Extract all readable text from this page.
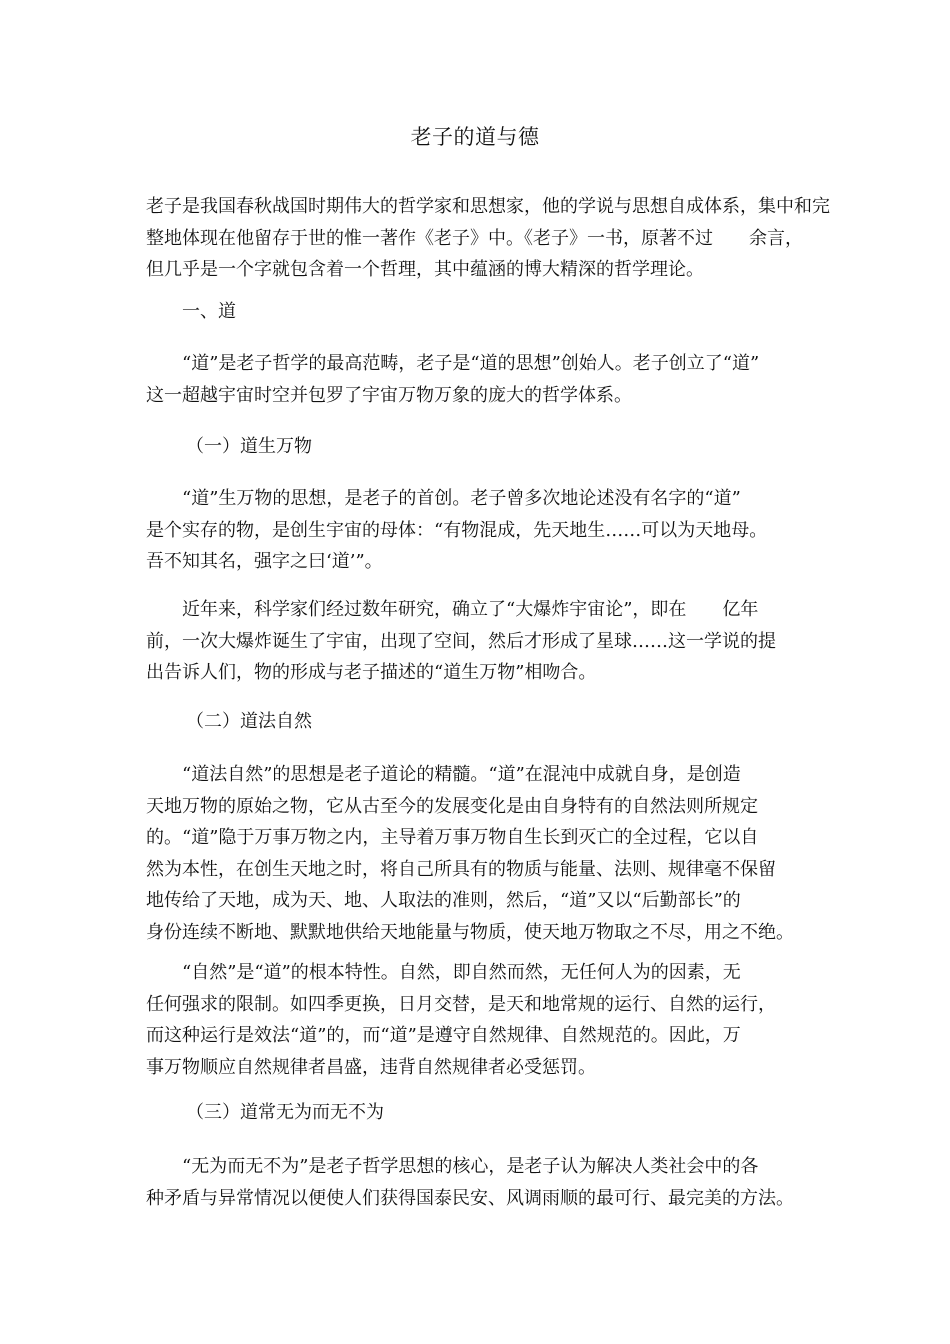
老子的道与德
老子是我国春秋战国时期伟大的哲学家和思想家，他的学说与思想自成体系，集中和完
整地体现在他留存于世的惟一著作《老子》中。《老子》一书，原著不过　　余言，
但几乎是一个字就包含着一个哲理，其中蕴涵的博大精深的哲学理论。
一、道
“道”是老子哲学的最高范畴，老子是“道的思想”创始人。老子创立了“道”
这一超越宇宙时空并包罗了宇宙万物万象的庞大的哲学体系。
（一）道生万物
“道”生万物的思想，是老子的首创。老子曾多次地论述没有名字的“道”
是个实存的物，是创生宇宙的母体：“有物混成，先天地生……可以为天地母。
吾不知其名，强字之曰‘道’”。
近年来，科学家们经过数年研究，确立了“大爆炸宇宙论”，即在　　亿年
前，一次大爆炸诞生了宇宙，出现了空间，然后才形成了星球……这一学说的提
出告诉人们，物的形成与老子描述的“道生万物”相吻合。
（二）道法自然
“道法自然”的思想是老子道论的精髓。“道”在混沌中成就自身，是创造
天地万物的原始之物，它从古至今的发展变化是由自身特有的自然法则所规定
的。“道”隐于万事万物之内，主导着万事万物自生长到灭亡的全过程，它以自
然为本性，在创生天地之时，将自己所具有的物质与能量、法则、规律毫不保留
地传给了天地，成为天、地、人取法的准则，然后，“道”又以“后勤部长”的
身份连续不断地、默默地供给天地能量与物质，使天地万物取之不尽，用之不绝。
“自然”是“道”的根本特性。自然，即自然而然，无任何人为的因素，无
任何强求的限制。如四季更换，日月交替，是天和地常规的运行、自然的运行，
而这种运行是效法“道”的，而“道”是遵守自然规律、自然规范的。因此，万
事万物顺应自然规律者昌盛，违背自然规律者必受惩罚。
（三）道常无为而无不为
“无为而无不为”是老子哲学思想的核心，是老子认为解决人类社会中的各
种矛盾与异常情况以便使人们获得国泰民安、风调雨顺的最可行、最完美的方法。
